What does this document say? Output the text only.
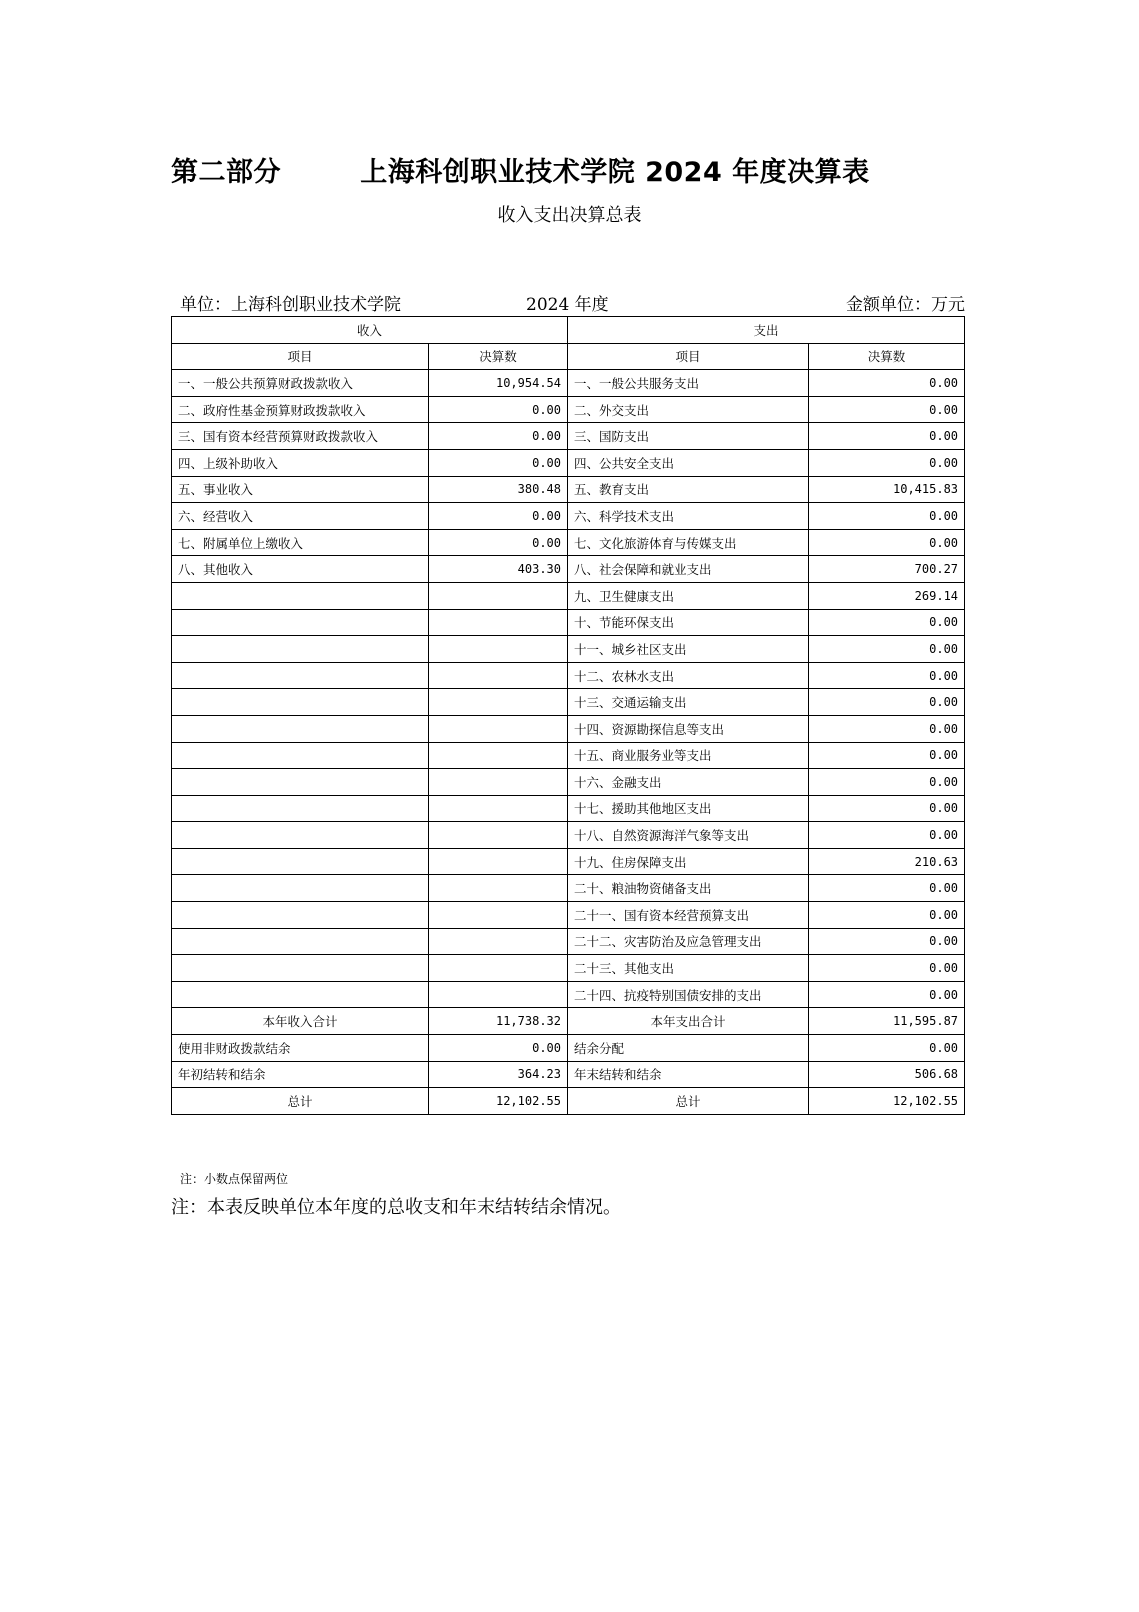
第二部分        上海科创职业技术学院 2024 年度决算表
收入支出决算总表
单位：上海科创职业技术学院	2024 年度	金额单位：万元
收入		支出	
项目	决算数	项目	决算数
一、一般公共预算财政拨款收入	10,954.54	一、一般公共服务支出	0.00
二、政府性基金预算财政拨款收入	0.00	二、外交支出	0.00
三、国有资本经营预算财政拨款收入	0.00	三、国防支出	0.00
四、上级补助收入	0.00	四、公共安全支出	0.00
五、事业收入	380.48	五、教育支出	10,415.83
六、经营收入	0.00	六、科学技术支出	0.00
七、附属单位上缴收入	0.00	七、文化旅游体育与传媒支出	0.00
八、其他收入	403.30	八、社会保障和就业支出	700.27
		九、卫生健康支出	269.14
		十、节能环保支出	0.00
		十一、城乡社区支出	0.00
		十二、农林水支出	0.00
		十三、交通运输支出	0.00
		十四、资源勘探信息等支出	0.00
		十五、商业服务业等支出	0.00
		十六、金融支出	0.00
		十七、援助其他地区支出	0.00
		十八、自然资源海洋气象等支出	0.00
		十九、住房保障支出	210.63
		二十、粮油物资储备支出	0.00
		二十一、国有资本经营预算支出	0.00
		二十二、灾害防治及应急管理支出	0.00
		二十三、其他支出	0.00
		二十四、抗疫特别国债安排的支出	0.00
本年收入合计	11,738.32	本年支出合计	11,595.87
使用非财政拨款结余	0.00	结余分配	0.00
年初结转和结余	364.23	年末结转和结余	506.68
总计	12,102.55	总计	12,102.55
注：小数点保留两位
注：本表反映单位本年度的总收支和年末结转结余情况。
